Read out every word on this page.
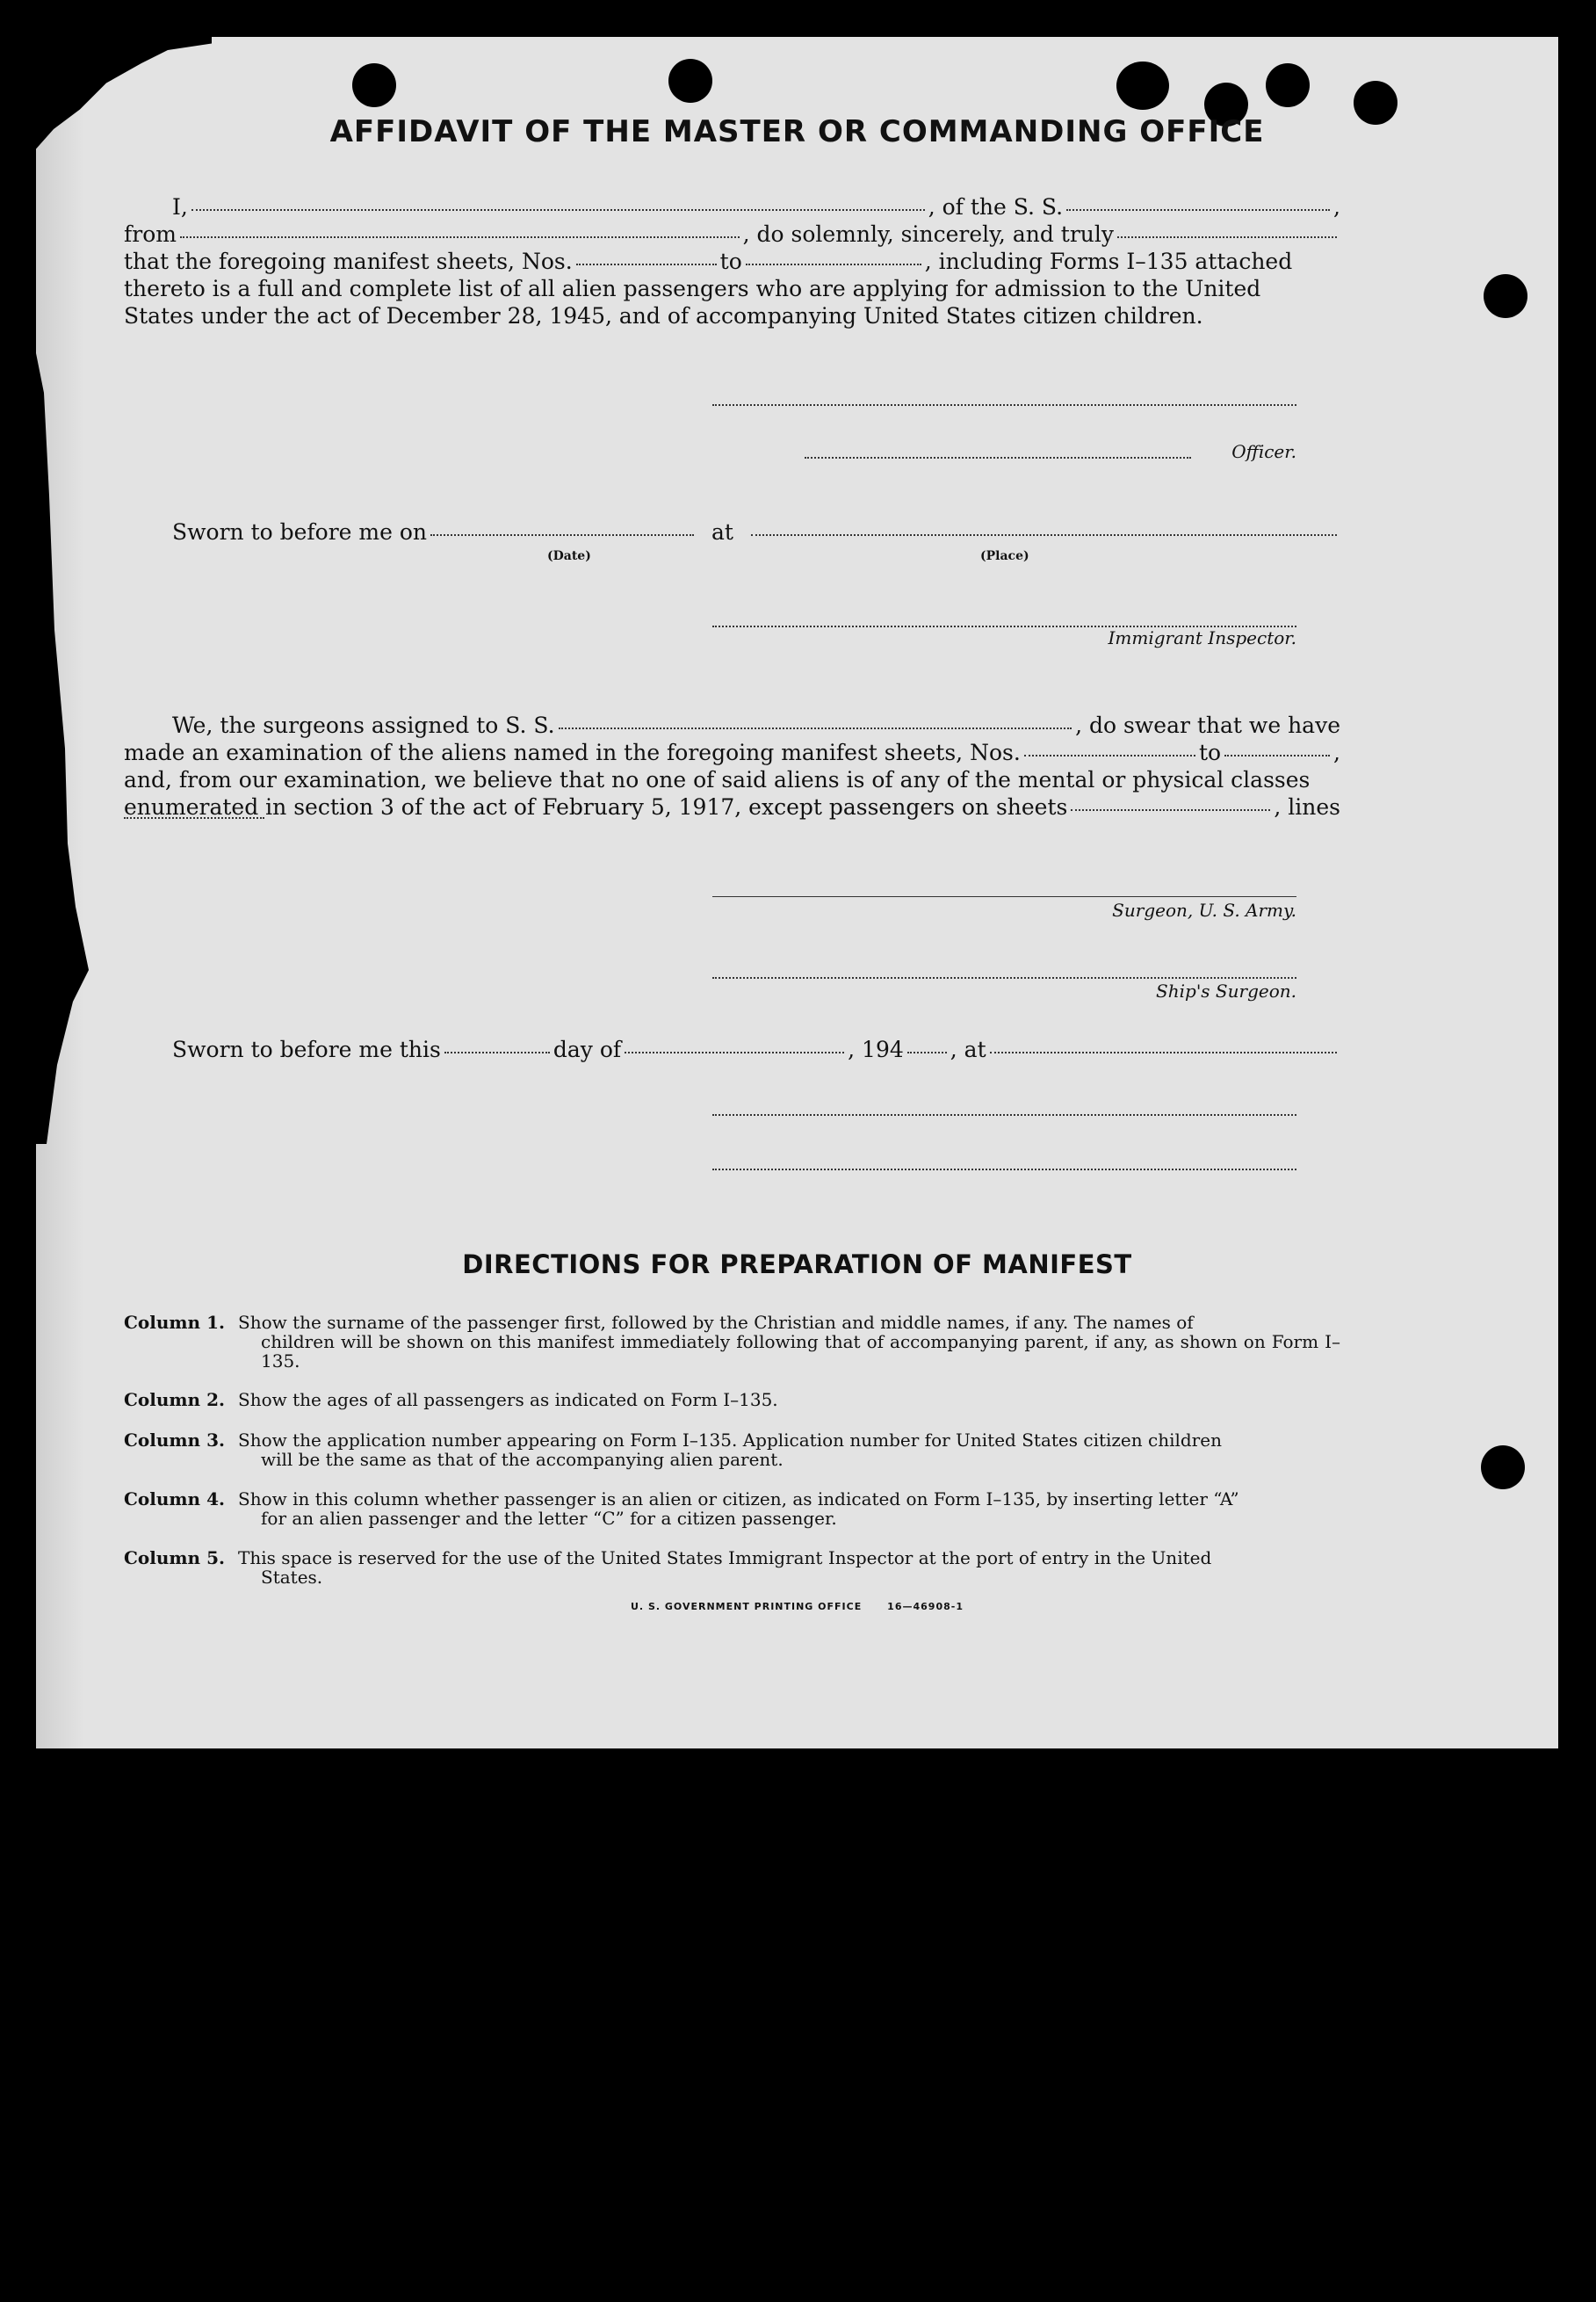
AFFIDAVIT OF THE MASTER OR COMMANDING OFFICE
I,	, of the S. S.	,
from	, do solemnly, sincerely, and truly
that the foregoing manifest sheets, Nos.	to	, including Forms I–135 attached
thereto is a full and complete list of all alien passengers who are applying for admission to the United
States under the act of December 28, 1945, and of accompanying United States citizen children.
Officer.
Sworn to before me on	at
(Date)	(Place)
Immigrant Inspector.
We, the surgeons assigned to S. S.	, do swear that we have
made an examination of the aliens named in the foregoing manifest sheets, Nos.	to	,
and, from our examination, we believe that no one of said aliens is of any of the mental or physical classes
enumerated in section 3 of the act of February 5, 1917, except passengers on sheets	, lines
Surgeon, U. S. Army.
Ship's Surgeon.
Sworn to before me this	day of	, 194 , at
DIRECTIONS FOR PREPARATION OF MANIFEST
Column 1. Show the surname of the passenger first, followed by the Christian and middle names, if any. The names of
children will be shown on this manifest immediately following that of accompanying parent, if any, as shown on Form I–135.
Column 2. Show the ages of all passengers as indicated on Form I–135.
Column 3. Show the application number appearing on Form I–135. Application number for United States citizen children
will be the same as that of the accompanying alien parent.
Column 4. Show in this column whether passenger is an alien or citizen, as indicated on Form I–135, by inserting letter “A”
for an alien passenger and the letter “C” for a citizen passenger.
Column 5. This space is reserved for the use of the United States Immigrant Inspector at the port of entry in the United
States.
U. S. GOVERNMENT PRINTING OFFICE      16—46908-1
